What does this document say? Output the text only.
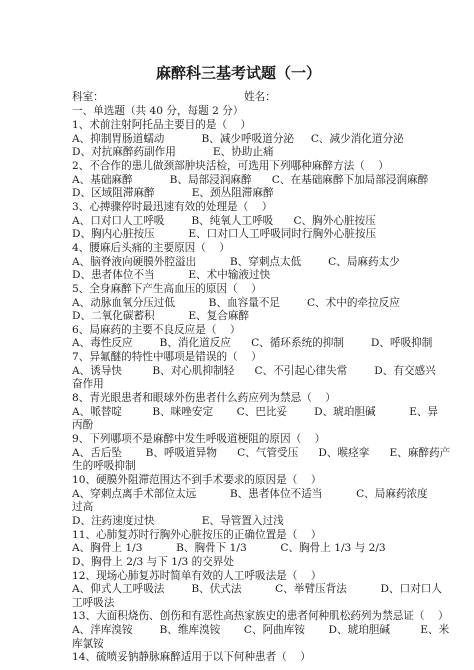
麻醉科三基考试题（一）
科室：	姓名：
一、单选题（共 40 分，每题 2 分）
1、术前注射阿托品主要目的是（    ）
A、抑制胃肠道蠕动           B、减少呼吸道分泌     C、减少消化道分泌
D、对抗麻醉药副作用           E、协助止痛
2、不合作的患儿做颈部肿块活检，可选用下列哪种麻醉方法（    ）
A、基础麻醉           B、局部浸润麻醉      C、在基础麻醉下加局部浸润麻醉
D、区域阻滞麻醉           E、颈丛阻滞麻醉
3、心搏骤停时最迅速有效的处理是（    ）
A、口对口人工呼吸        B、纯氧人工呼吸      C、胸外心脏按压
D、胸内心脏按压          E、口对口人工呼吸同时行胸外心脏按压
4、腰麻后头痛的主要原因（    ）
A、脑脊液向硬膜外腔溢出          B、穿刺点太低        C、局麻药太少
D、患者体位不当          E、术中输液过快
5、全身麻醉下产生高血压的原因（    ）
A、动脉血氧分压过低          B、血容量不足        C、术中的牵拉反应
D、二氧化碳蓄积          E、复合麻醉
6、局麻药的主要不良反应是（    ）
A、毒性反应        B、消化道反应      C、循环系统的抑制        D、呼吸抑制
7、异氟醚的特性中哪项是错误的（    ）
A、诱导快         B、对心肌抑制轻      C、不引起心律失常        D、有交感兴
奋作用
8、青光眼患者和眼球外伤患者什么药应列为禁忌（    ）
A、哌替啶         B、咪唑安定       C、巴比妥        D、琥珀胆碱          E、异
丙酚
9、下列哪项不是麻醉中发生呼吸道梗阻的原因（    ）
A、舌后坠       B、呼吸道异物      C、气管受压      D、喉痉挛      E、麻醉药产
生的呼吸抑制
10、硬膜外阻滞范围达不到手术要求的原因是（    ）
A、穿刺点离手术部位太远          B、患者体位不适当          C、局麻药浓度
过高
D、注药速度过快              E、导管置入过浅
11、心肺复苏时行胸外心脏按压的正确位置是（    ）
A、胸骨上 1/3          B、胸骨下 1/3          C、胸骨上 1/3 与 2/3
D、胸骨上 2/3 与下 1/3 的交界处
12、现场心肺复苏时简单有效的人工呼吸法是（    ）
A、仰式人工呼吸法        B、伏式法          C、举臂压背法          D、口对口人
工呼吸法
13、大面积烧伤、创伤和有恶性高热家族史的患者何种肌松药列为禁忌证（    ）
A、泮库溴铵        B、维库溴铵       C、阿曲库铵       D、琥珀胆碱         E、米
库氯铵
14、硫喷妥钠静脉麻醉适用于以下何种患者（    ）
